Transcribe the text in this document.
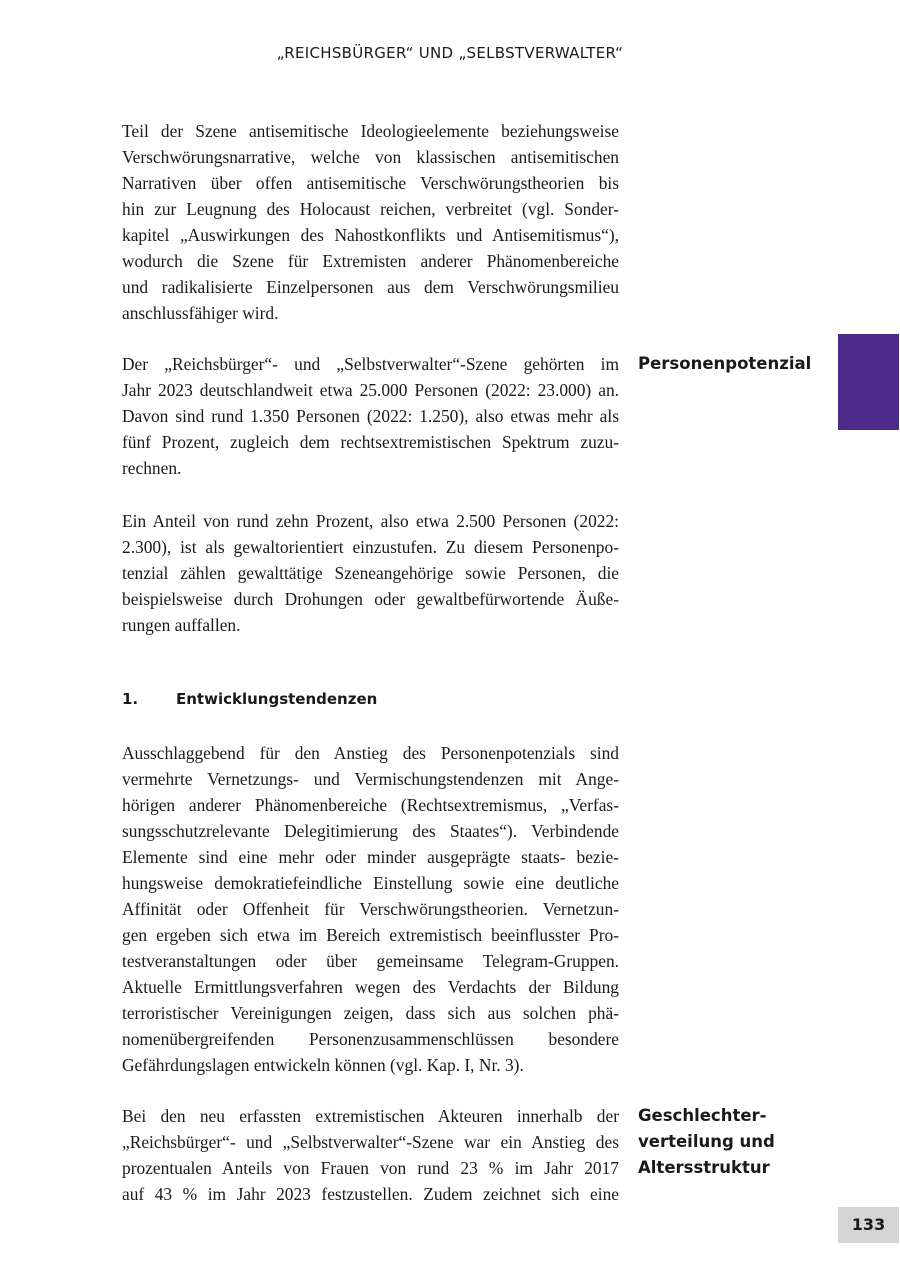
„REICHSBÜRGER“ UND „SELBSTVERWALTER“
Teil der Szene antisemitische Ideologieelemente beziehungsweise
Verschwörungsnarrative, welche von klassischen antisemitischen
Narrativen über offen antisemitische Verschwörungstheorien bis
hin zur Leugnung des Holocaust reichen, verbreitet (vgl. Sonder-
kapitel „Auswirkungen des Nahostkonflikts und Antisemitismus“),
wodurch die Szene für Extremisten anderer Phänomenbereiche
und radikalisierte Einzelpersonen aus dem Verschwörungsmilieu
anschlussfähiger wird.
Der „Reichsbürger“- und „Selbstverwalter“-Szene gehörten im
Jahr 2023 deutschlandweit etwa 25.000 Personen (2022: 23.000) an.
Davon sind rund 1.350 Personen (2022: 1.250), also etwas mehr als
fünf Prozent, zugleich dem rechtsextremistischen Spektrum zuzu-
rechnen.
Ein Anteil von rund zehn Prozent, also etwa 2.500 Personen (2022:
2.300), ist als gewaltorientiert einzustufen. Zu diesem Personenpo-
tenzial zählen gewalttätige Szeneangehörige sowie Personen, die
beispielsweise durch Drohungen oder gewaltbefürwortende Äuße-
rungen auffallen.
1.	Entwicklungstendenzen
Ausschlaggebend für den Anstieg des Personenpotenzials sind
vermehrte Vernetzungs- und Vermischungstendenzen mit Ange-
hörigen anderer Phänomenbereiche (Rechtsextremismus, „Verfas-
sungsschutzrelevante Delegitimierung des Staates“). Verbindende
Elemente sind eine mehr oder minder ausgeprägte staats- bezie-
hungsweise demokratiefeindliche Einstellung sowie eine deutliche
Affinität oder Offenheit für Verschwörungstheorien. Vernetzun-
gen ergeben sich etwa im Bereich extremistisch beeinflusster Pro-
testveranstaltungen oder über gemeinsame Telegram-Gruppen.
Aktuelle Ermittlungsverfahren wegen des Verdachts der Bildung
terroristischer Vereinigungen zeigen, dass sich aus solchen phä-
nomenübergreifenden Personenzusammenschlüssen besondere
Gefährdungslagen entwickeln können (vgl. Kap. I, Nr. 3).
Bei den neu erfassten extremistischen Akteuren innerhalb der
„Reichsbürger“- und „Selbstverwalter“-Szene war ein Anstieg des
prozentualen Anteils von Frauen von rund 23 % im Jahr 2017
auf 43 % im Jahr 2023 festzustellen. Zudem zeichnet sich eine
Personenpotenzial
Geschlechter-
verteilung und
Altersstruktur
133
